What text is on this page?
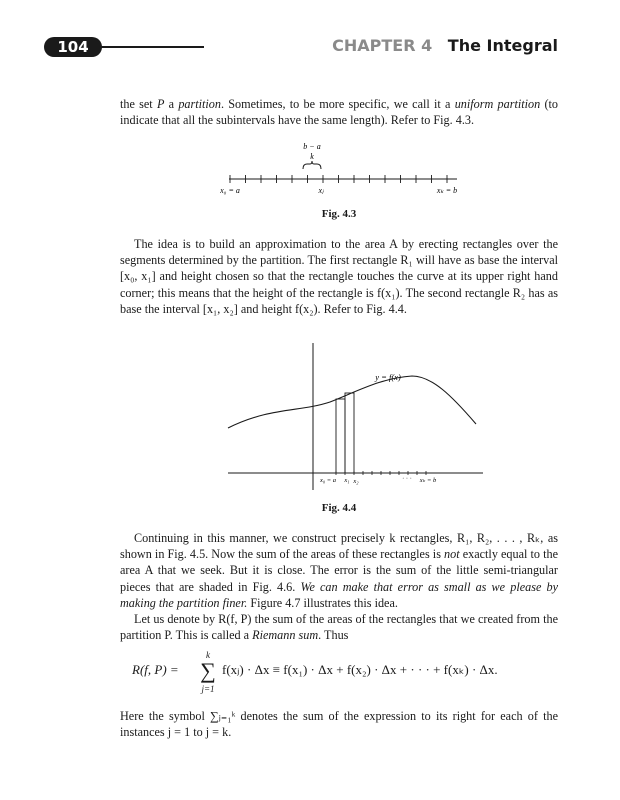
104	CHAPTER 4 The Integral

the set P a partition. Sometimes, to be more specific, we call it a uniform partition (to indicate that all the subintervals have the same length). Refer to Fig. 4.3.

b − a
k
x₀ = a	xⱼ	xₖ = b
Fig. 4.3

The idea is to build an approximation to the area A by erecting rectangles over the segments determined by the partition. The first rectangle R₁ will have as base the interval [x₀, x₁] and height chosen so that the rectangle touches the curve at its upper right hand corner; this means that the height of the rectangle is f(x₁). The second rectangle R₂ has as base the interval [x₁, x₂] and height f(x₂). Refer to Fig. 4.4.

y = f(x)
x₀ = a x₁ x₂	· · · xₖ = b
Fig. 4.4

Continuing in this manner, we construct precisely k rectangles, R₁, R₂, . . . , Rₖ, as shown in Fig. 4.5. Now the sum of the areas of these rectangles is not exactly equal to the area A that we seek. But it is close. The error is the sum of the little semi-triangular pieces that are shaded in Fig. 4.6. We can make that error as small as we please by making the partition finer. Figure 4.7 illustrates this idea.

Let us denote by R(f, P) the sum of the areas of the rectangles that we created from the partition P. This is called a Riemann sum. Thus

R(f, P) =
k
∑
j=1
f(xⱼ) · Δx ≡ f(x₁) · Δx + f(x₂) · Δx + · · · + f(xₖ) · Δx.

Here the symbol ∑ⱼ₌₁ᵏ denotes the sum of the expression to its right for each of the instances j = 1 to j = k.
